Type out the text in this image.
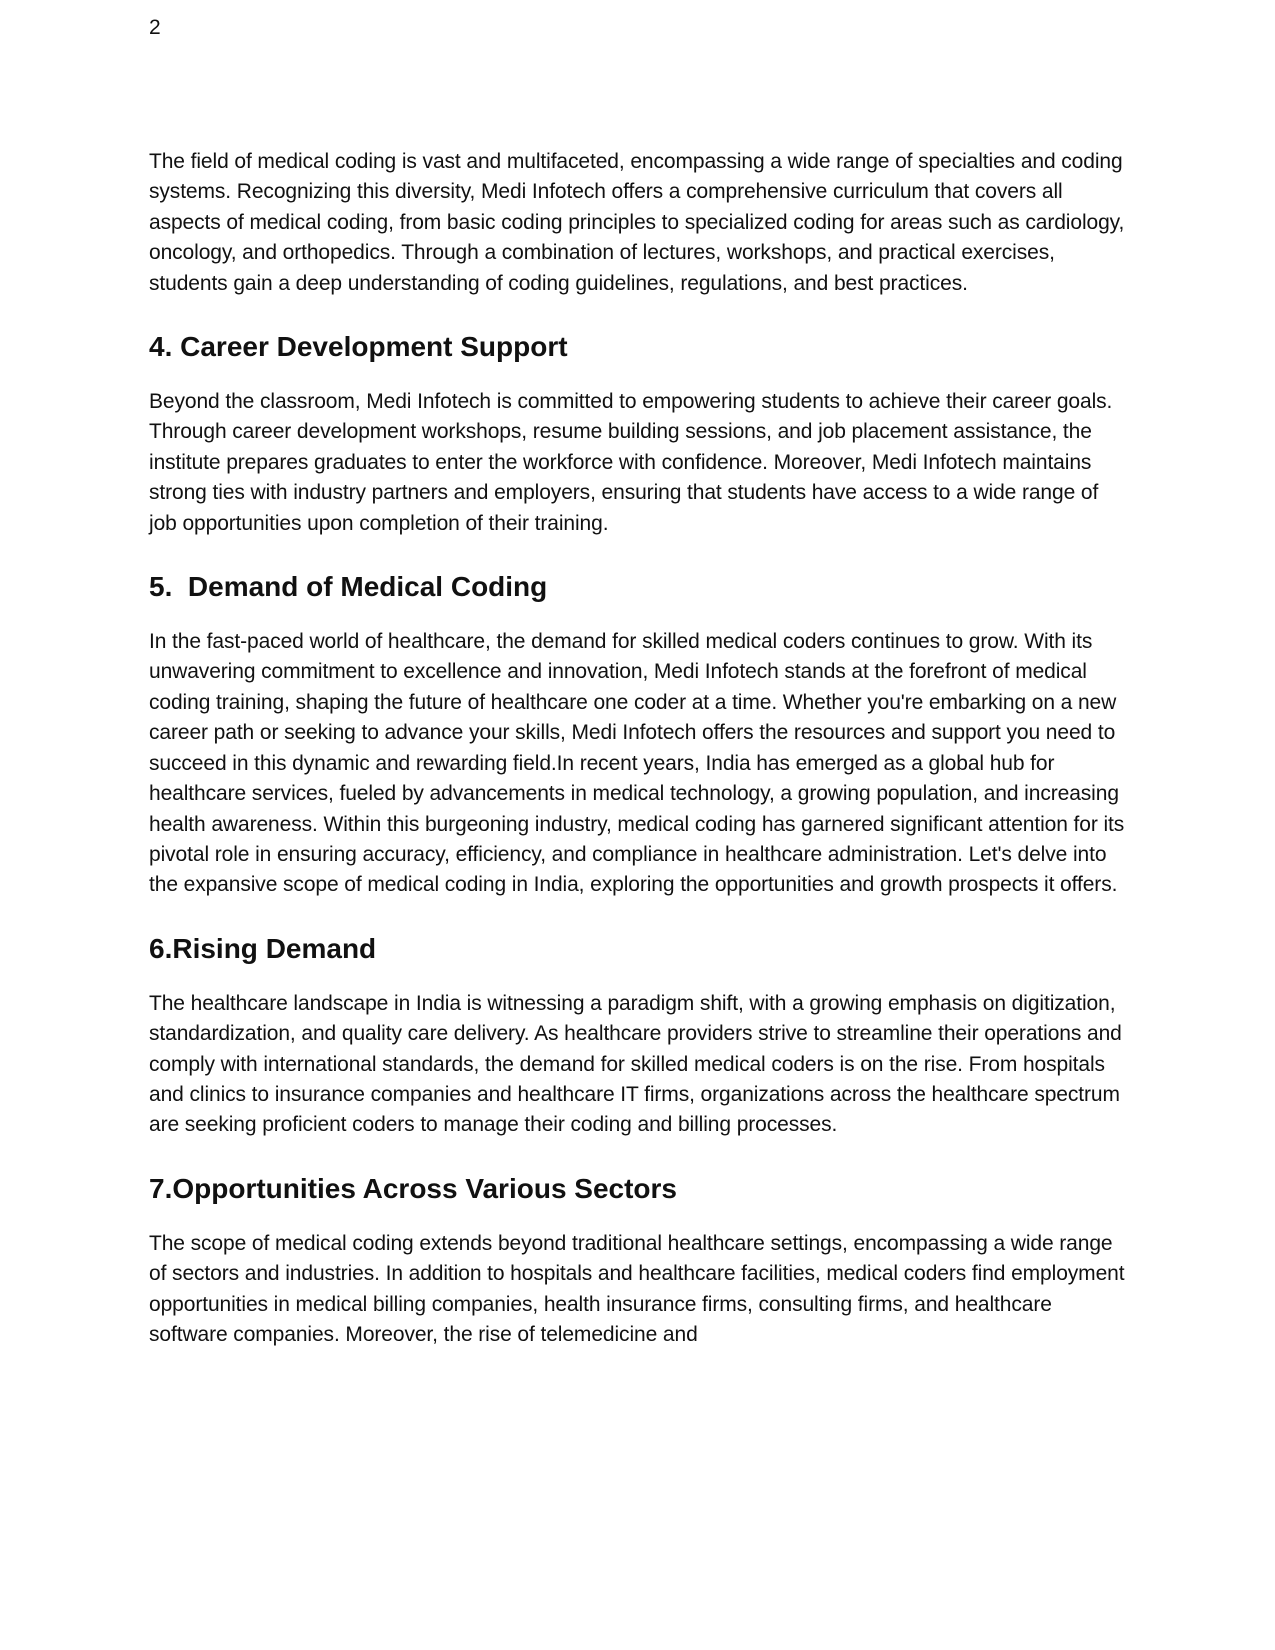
2

The field of medical coding is vast and multifaceted, encompassing a wide range of specialties and coding systems. Recognizing this diversity, Medi Infotech offers a comprehensive curriculum that covers all aspects of medical coding, from basic coding principles to specialized coding for areas such as cardiology, oncology, and orthopedics. Through a combination of lectures, workshops, and practical exercises, students gain a deep understanding of coding guidelines, regulations, and best practices.

4. Career Development Support

Beyond the classroom, Medi Infotech is committed to empowering students to achieve their career goals. Through career development workshops, resume building sessions, and job placement assistance, the institute prepares graduates to enter the workforce with confidence. Moreover, Medi Infotech maintains strong ties with industry partners and employers, ensuring that students have access to a wide range of job opportunities upon completion of their training.

5.  Demand of Medical Coding

In the fast-paced world of healthcare, the demand for skilled medical coders continues to grow. With its unwavering commitment to excellence and innovation, Medi Infotech stands at the forefront of medical coding training, shaping the future of healthcare one coder at a time. Whether you're embarking on a new career path or seeking to advance your skills, Medi Infotech offers the resources and support you need to succeed in this dynamic and rewarding field.In recent years, India has emerged as a global hub for healthcare services, fueled by advancements in medical technology, a growing population, and increasing health awareness. Within this burgeoning industry, medical coding has garnered significant attention for its pivotal role in ensuring accuracy, efficiency, and compliance in healthcare administration. Let's delve into the expansive scope of medical coding in India, exploring the opportunities and growth prospects it offers.

6.Rising Demand

The healthcare landscape in India is witnessing a paradigm shift, with a growing emphasis on digitization, standardization, and quality care delivery. As healthcare providers strive to streamline their operations and comply with international standards, the demand for skilled medical coders is on the rise. From hospitals and clinics to insurance companies and healthcare IT firms, organizations across the healthcare spectrum are seeking proficient coders to manage their coding and billing processes.

7.Opportunities Across Various Sectors

The scope of medical coding extends beyond traditional healthcare settings, encompassing a wide range of sectors and industries. In addition to hospitals and healthcare facilities, medical coders find employment opportunities in medical billing companies, health insurance firms, consulting firms, and healthcare software companies. Moreover, the rise of telemedicine and
